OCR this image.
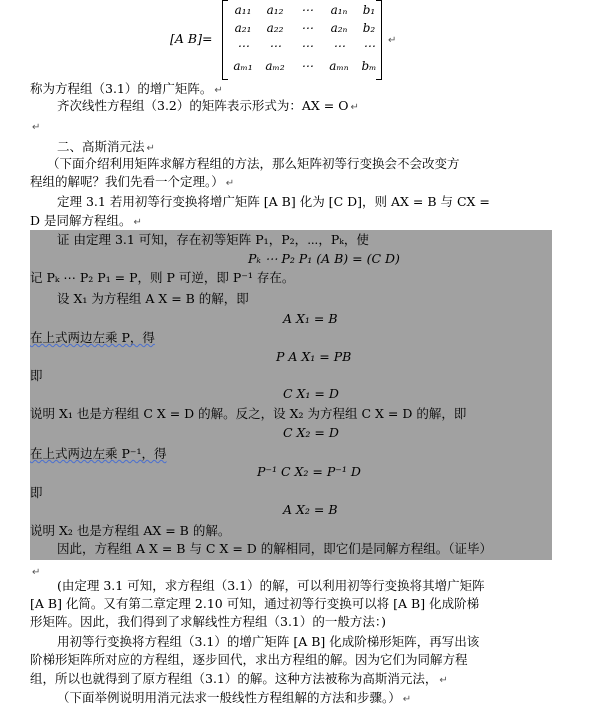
[A B]=
a₁₁	a₁₂	⋯	a₁ₙ	b₁
a₂₁	a₂₂	⋯	a₂ₙ	b₂
⋯	⋯	⋯	⋯	⋯
aₘ₁	aₘ₂	⋯	aₘₙ	bₘ
↵
称为方程组（3.1）的增广矩阵。 ↵
齐次线性方程组（3.2）的矩阵表示形式为：AX = O ↵
↵
二、高斯消元法 ↵
（下面介绍利用矩阵求解方程组的方法，那么矩阵初等行变换会不会改变方
程组的解呢？我们先看一个定理。） ↵
定理 3.1 若用初等行变换将增广矩阵 [A B] 化为 [C D]，则 AX = B 与 CX =
D 是同解方程组。 ↵
证 由定理 3.1 可知，存在初等矩阵 P₁，P₂，⋯，Pₖ，使
Pₖ ⋯ P₂ P₁ (A B) = (C D)
记 Pₖ ⋯ P₂ P₁ = P，则 P 可逆，即 P⁻¹ 存在。
设 X₁ 为方程组 A X = B 的解，即
A X₁ = B
在上式两边左乘 P，得
P A X₁ = PB
即
C X₁ = D
说明 X₁ 也是方程组 C X = D 的解。反之，设 X₂ 为方程组 C X = D 的解，即
C X₂ = D
在上式两边左乘 P⁻¹，得
P⁻¹ C X₂ = P⁻¹ D
即
A X₂ = B
说明 X₂ 也是方程组 AX = B 的解。
因此，方程组 A X = B 与 C X = D 的解相同，即它们是同解方程组。（证毕）
↵
(由定理 3.1 可知，求方程组（3.1）的解，可以利用初等行变换将其增广矩阵
[A B] 化简。又有第二章定理 2.10 可知，通过初等行变换可以将 [A B] 化成阶梯
形矩阵。因此，我们得到了求解线性方程组（3.1）的一般方法：)
用初等行变换将方程组（3.1）的增广矩阵 [A B] 化成阶梯形矩阵，再写出该
阶梯形矩阵所对应的方程组，逐步回代，求出方程组的解。因为它们为同解方程
组，所以也就得到了原方程组（3.1）的解。这种方法被称为高斯消元法， ↵
（下面举例说明用消元法求一般线性方程组解的方法和步骤。） ↵
